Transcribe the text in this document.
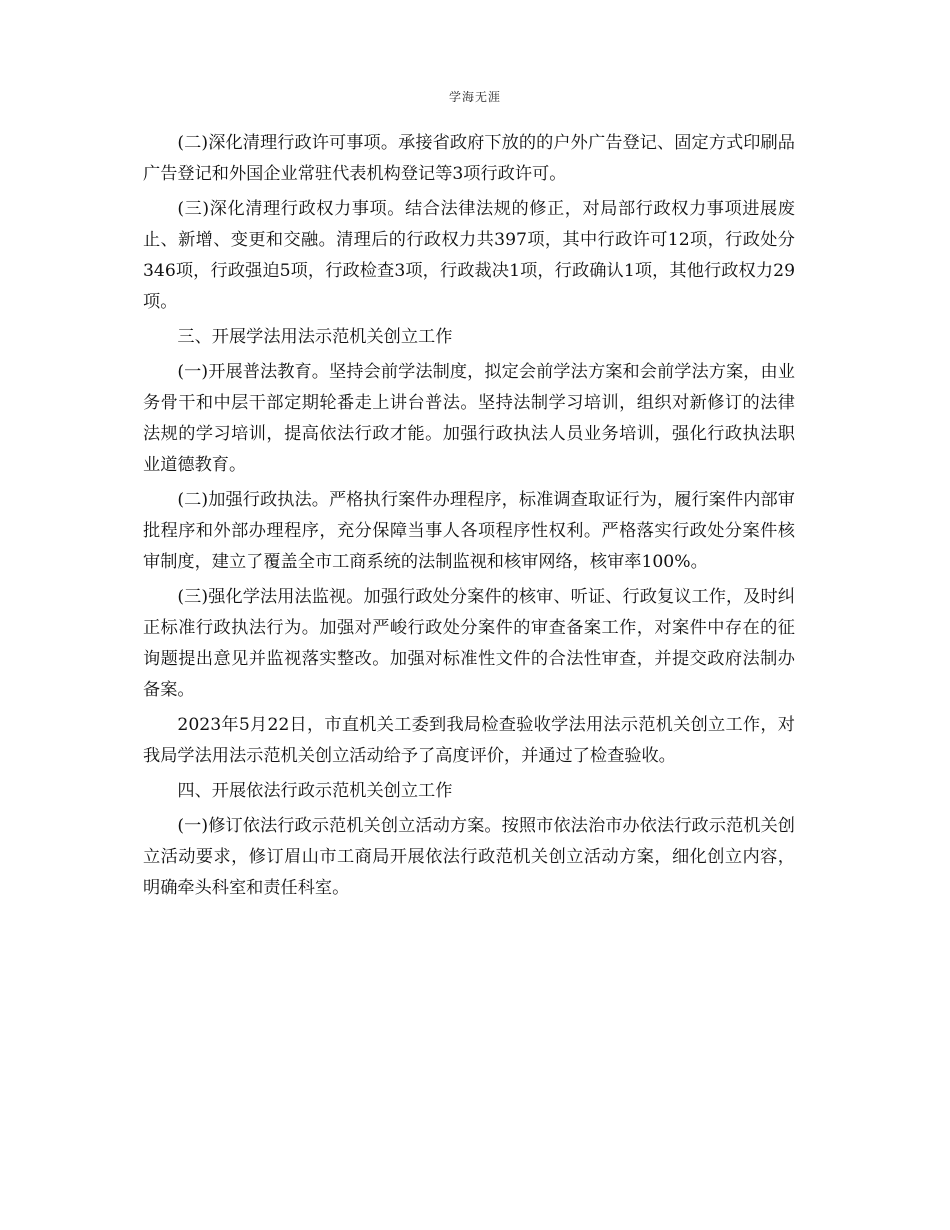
学海无涯

(二)深化清理行政许可事项。承接省政府下放的的户外广告登记、固定方式印刷品广告登记和外国企业常驻代表机构登记等3项行政许可。

(三)深化清理行政权力事项。结合法律法规的修正，对局部行政权力事项进展废止、新增、变更和交融。清理后的行政权力共397项，其中行政许可12项，行政处分346项，行政强迫5项，行政检查3项，行政裁决1项，行政确认1项，其他行政权力29项。

三、开展学法用法示范机关创立工作

(一)开展普法教育。坚持会前学法制度，拟定会前学法方案和会前学法方案，由业务骨干和中层干部定期轮番走上讲台普法。坚持法制学习培训，组织对新修订的法律法规的学习培训，提高依法行政才能。加强行政执法人员业务培训，强化行政执法职业道德教育。

(二)加强行政执法。严格执行案件办理程序，标准调查取证行为，履行案件内部审批程序和外部办理程序，充分保障当事人各项程序性权利。严格落实行政处分案件核审制度，建立了覆盖全市工商系统的法制监视和核审网络，核审率100%。

(三)强化学法用法监视。加强行政处分案件的核审、听证、行政复议工作，及时纠正标准行政执法行为。加强对严峻行政处分案件的审查备案工作，对案件中存在的征询题提出意见并监视落实整改。加强对标准性文件的合法性审查，并提交政府法制办备案。

2023年5月22日，市直机关工委到我局检查验收学法用法示范机关创立工作，对我局学法用法示范机关创立活动给予了高度评价，并通过了检查验收。

四、开展依法行政示范机关创立工作

(一)修订依法行政示范机关创立活动方案。按照市依法治市办依法行政示范机关创立活动要求，修订眉山市工商局开展依法行政范机关创立活动方案，细化创立内容，明确牵头科室和责任科室。
